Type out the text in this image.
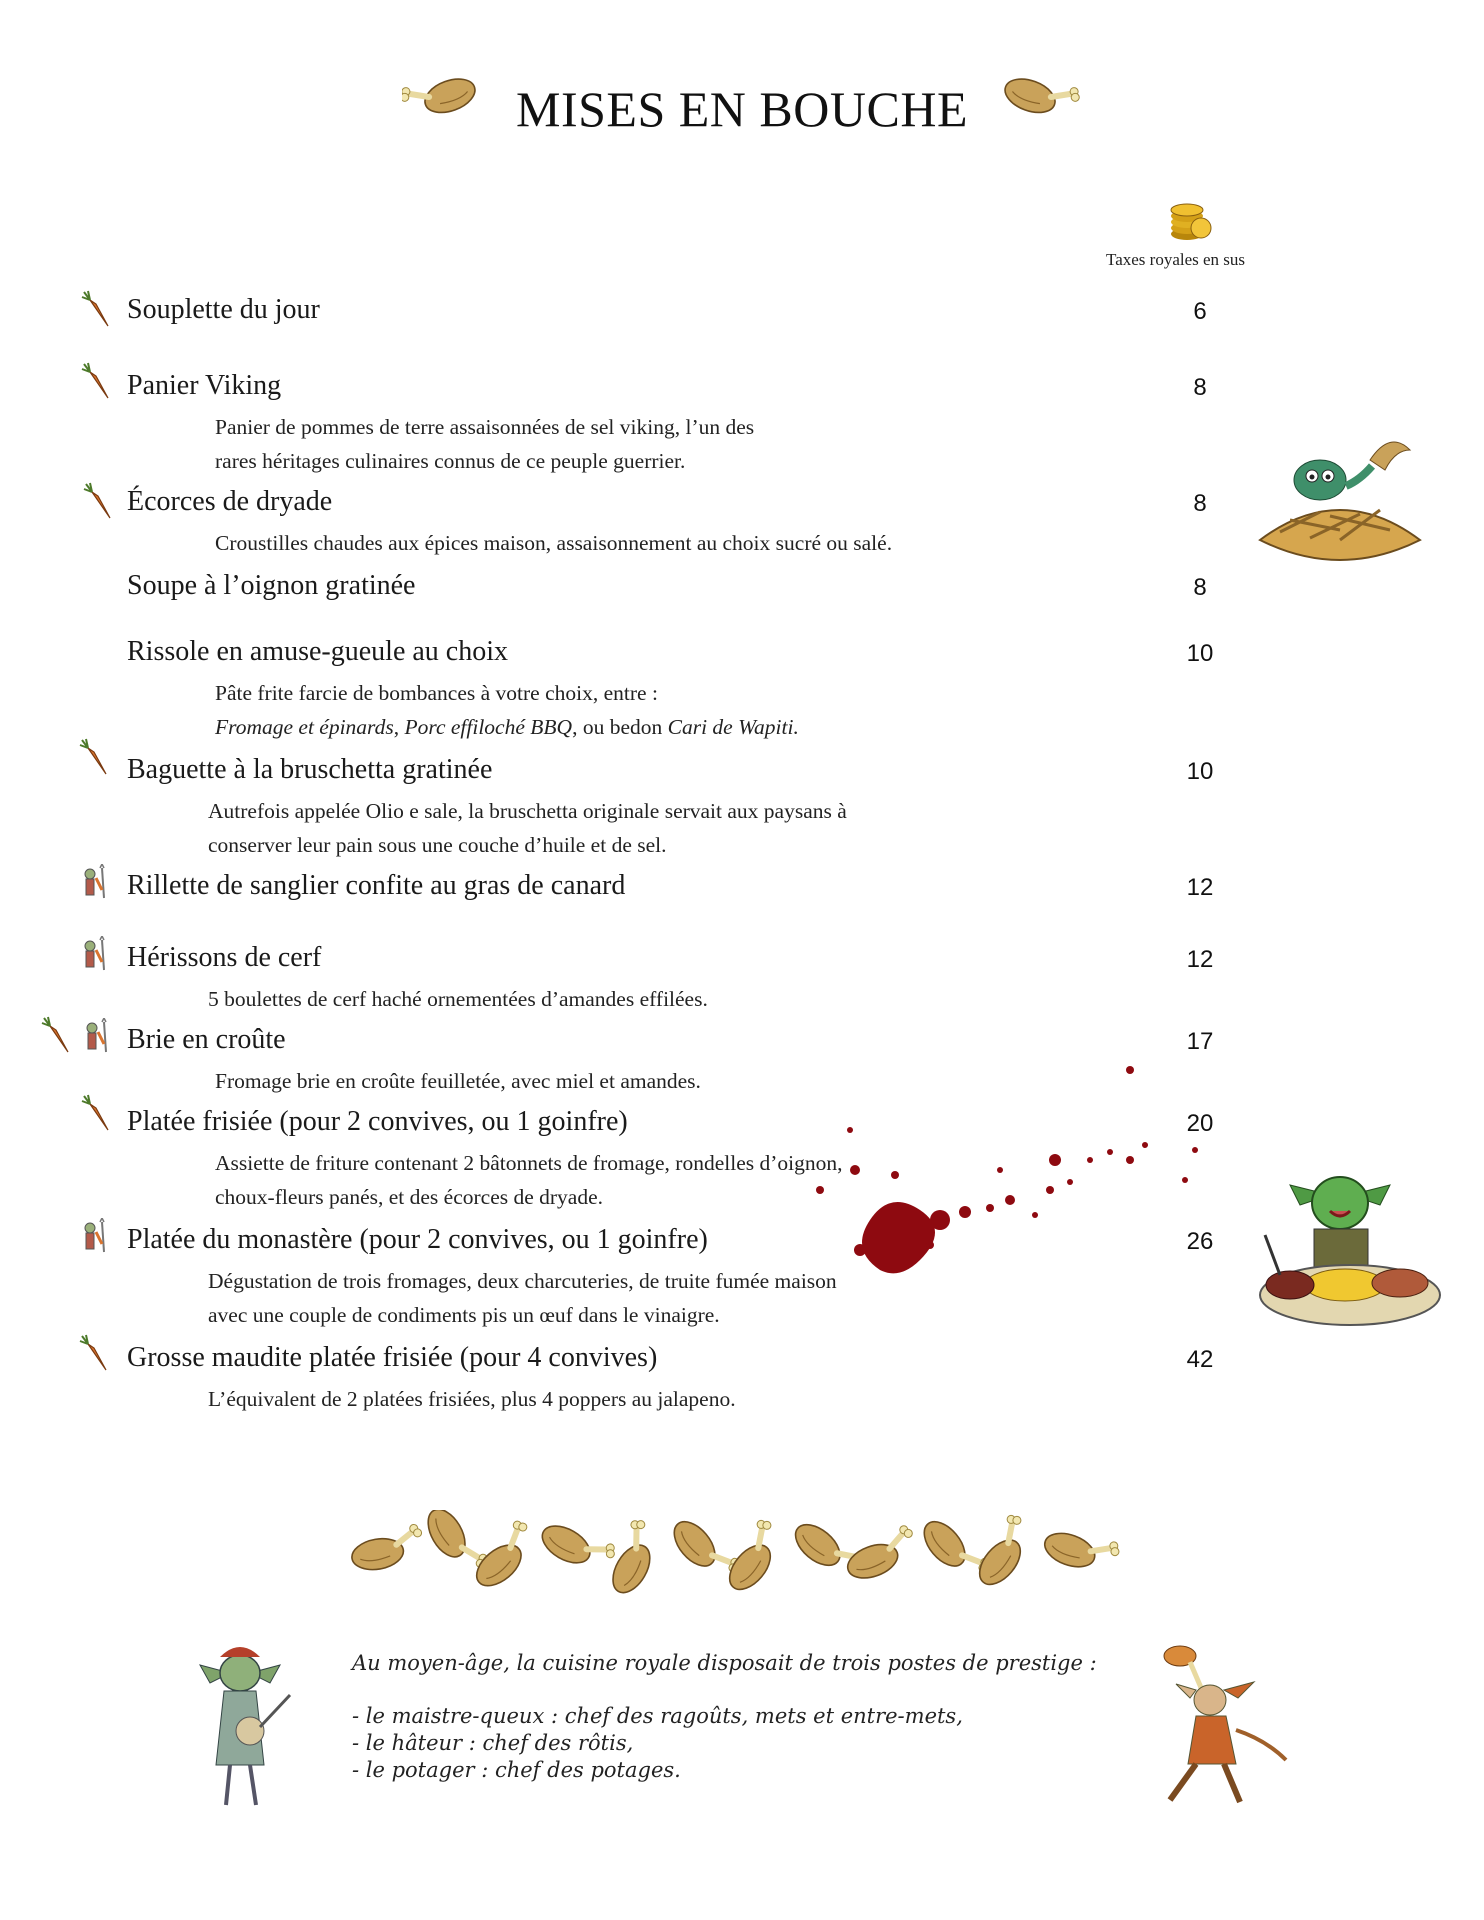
MISES EN BOUCHE
Taxes royales en sus
Souplette du jour	6
Panier Viking	8
Panier de pommes de terre assaisonnées de sel viking, l’un des
rares héritages culinaires connus de ce peuple guerrier.
Écorces de dryade	8
Croustilles chaudes aux épices maison, assaisonnement au choix sucré ou salé.
Soupe à l’oignon gratinée	8
Rissole en amuse-gueule au choix	10
Pâte frite farcie de bombances à votre choix, entre :
Fromage et épinards, Porc effiloché BBQ, ou bedon Cari de Wapiti.
Baguette à la bruschetta gratinée	10
Autrefois appelée Olio e sale, la bruschetta originale servait aux paysans à
conserver leur pain sous une couche d’huile et de sel.
Rillette de sanglier confite au gras de canard	12
Hérissons de cerf	12
5 boulettes de cerf haché ornementées d’amandes effilées.
Brie en croûte	17
Fromage brie en croûte feuilletée, avec miel et amandes.
Platée frisiée (pour 2 convives, ou 1 goinfre)	20
Assiette de friture contenant 2 bâtonnets de fromage, rondelles d’oignon,
choux-fleurs panés, et des écorces de dryade.
Platée du monastère (pour 2 convives, ou 1 goinfre)	26
Dégustation de trois fromages, deux charcuteries, de truite fumée maison
avec une couple de condiments pis un œuf dans le vinaigre.
Grosse maudite platée frisiée (pour 4 convives)	42
L’équivalent de 2 platées frisiées, plus 4 poppers au jalapeno.
Au moyen-âge, la cuisine royale disposait de trois postes de prestige :
- le maistre-queux : chef des ragoûts, mets et entre-mets,
- le hâteur : chef des rôtis,
- le potager : chef des potages.
